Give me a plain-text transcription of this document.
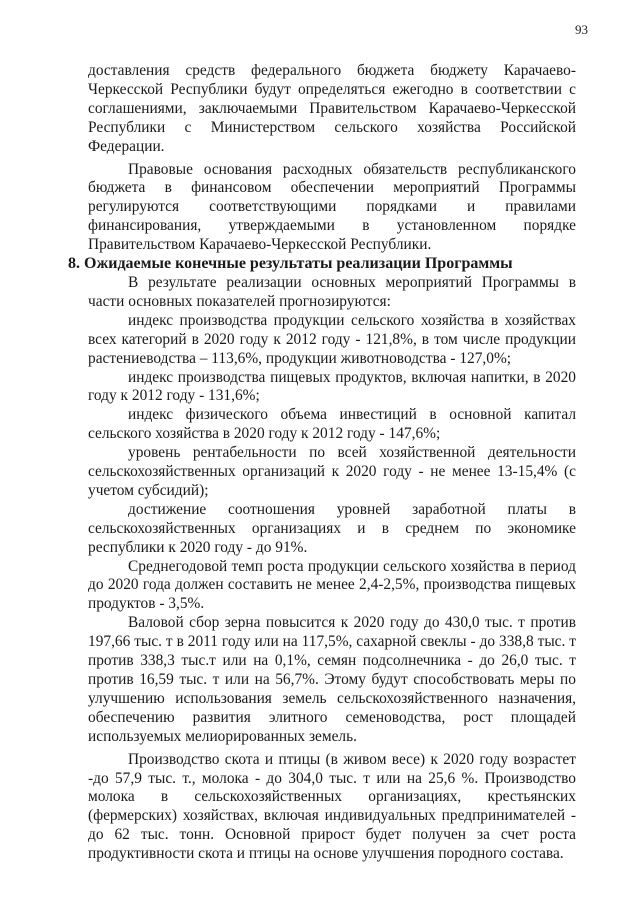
93

доставления средств федерального бюджета бюджету Карачаево-Черкесской Республики будут определяться ежегодно в соответствии с соглашениями, заключаемыми Правительством Карачаево-Черкесской Республики с Министерством сельского хозяйства Российской Федерации.

Правовые основания расходных обязательств республиканского бюджета в финансовом обеспечении мероприятий Программы регулируются соответствующими порядками и правилами финансирования, утверждаемыми в установленном порядке Правительством Карачаево-Черкесской Республики.

8. Ожидаемые конечные результаты реализации Программы

В результате реализации основных мероприятий Программы в части основных показателей прогнозируются:

индекс производства продукции сельского хозяйства в хозяйствах всех категорий в 2020 году к 2012 году - 121,8%, в том числе продукции растениеводства – 113,6%, продукции животноводства - 127,0%;

индекс производства пищевых продуктов, включая напитки, в 2020 году к 2012 году - 131,6%;

индекс физического объема инвестиций в основной капитал сельского хозяйства в 2020 году к 2012 году - 147,6%;

уровень рентабельности по всей хозяйственной деятельности сельскохозяйственных организаций к 2020 году - не менее 13-15,4% (с учетом субсидий);

достижение соотношения уровней заработной платы в сельскохозяйственных организациях и в среднем по экономике республики к 2020 году - до 91%.

Среднегодовой темп роста продукции сельского хозяйства в период до 2020 года должен составить не менее 2,4-2,5%, производства пищевых продуктов - 3,5%.

Валовой сбор зерна повысится к 2020 году до 430,0 тыс. т против 197,66 тыс. т в 2011 году или на 117,5%, сахарной свеклы - до 338,8 тыс. т против 338,3 тыс.т или на 0,1%, семян подсолнечника - до 26,0 тыс. т против 16,59 тыс. т или на 56,7%. Этому будут способствовать меры по улучшению использования земель сельскохозяйственного назначения, обеспечению развития элитного семеноводства, рост площадей используемых мелиорированных земель.

Производство скота и птицы (в живом весе) к 2020 году возрастет -до 57,9 тыс. т., молока - до 304,0 тыс. т или на 25,6 %. Производство молока в сельскохозяйственных организациях, крестьянских (фермерских) хозяйствах, включая индивидуальных предпринимателей - до 62 тыс. тонн. Основной прирост будет получен за счет роста продуктивности скота и птицы на основе улучшения породного состава.
